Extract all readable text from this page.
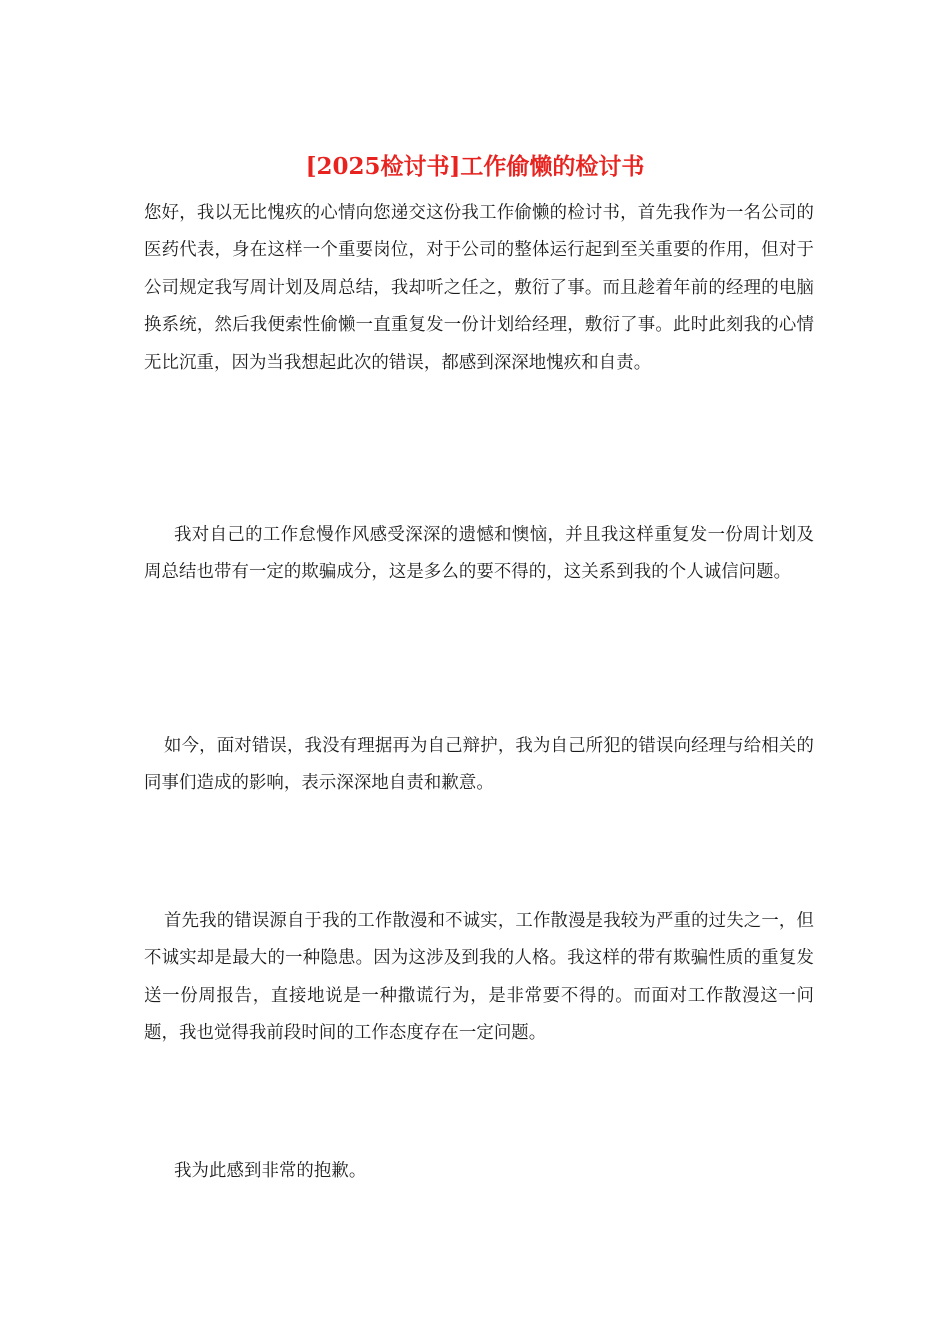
[2025检讨书]工作偷懒的检讨书

您好，我以无比愧疚的心情向您递交这份我工作偷懒的检讨书，首先我作为一名公司的医药代表，身在这样一个重要岗位，对于公司的整体运行起到至关重要的作用，但对于公司规定我写周计划及周总结，我却听之任之，敷衍了事。而且趁着年前的经理的电脑换系统，然后我便索性偷懒一直重复发一份计划给经理，敷衍了事。此时此刻我的心情无比沉重，因为当我想起此次的错误，都感到深深地愧疚和自责。

我对自己的工作怠慢作风感受深深的遗憾和懊恼，并且我这样重复发一份周计划及周总结也带有一定的欺骗成分，这是多么的要不得的，这关系到我的个人诚信问题。

如今，面对错误，我没有理据再为自己辩护，我为自己所犯的错误向经理与给相关的同事们造成的影响，表示深深地自责和歉意。

首先我的错误源自于我的工作散漫和不诚实，工作散漫是我较为严重的过失之一，但不诚实却是最大的一种隐患。因为这涉及到我的人格。我这样的带有欺骗性质的重复发送一份周报告，直接地说是一种撒谎行为，是非常要不得的。而面对工作散漫这一问题，我也觉得我前段时间的工作态度存在一定问题。

我为此感到非常的抱歉。
